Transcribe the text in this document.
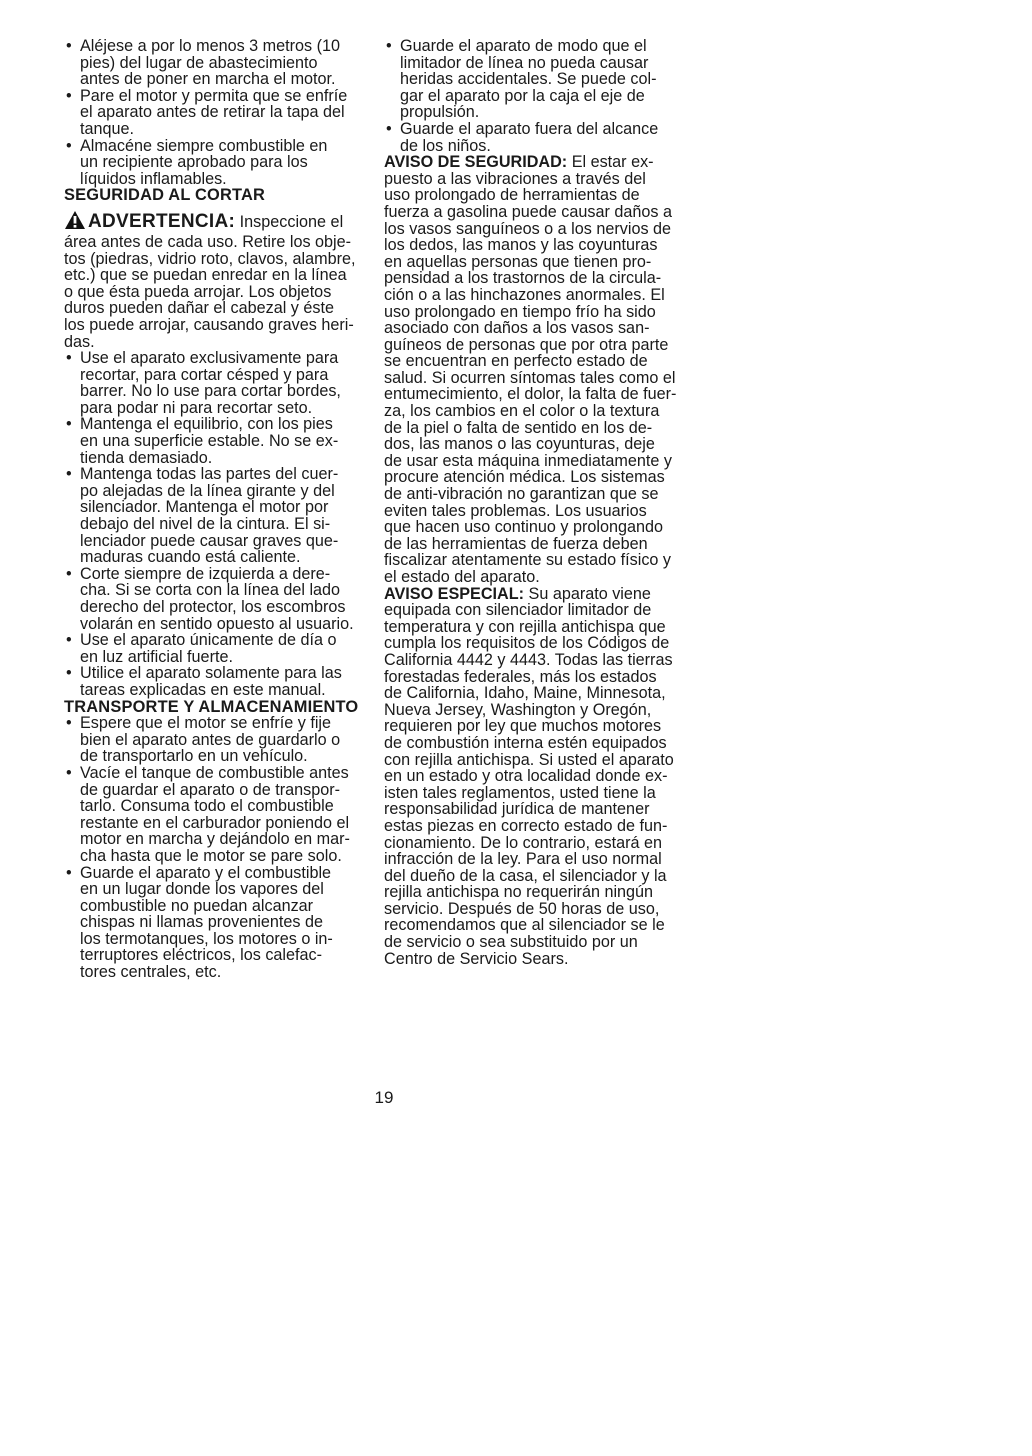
• Aléjese a por lo menos 3 metros (10
pies) del lugar de abastecimiento
antes de poner en marcha el motor.
• Pare el motor y permita que se enfríe
el aparato antes de retirar la tapa del
tanque.
• Almacéne siempre combustible en
un recipiente aprobado para los
líquidos inflamables.
SEGURIDAD AL CORTAR
ADVERTENCIA: Inspeccione el
área antes de cada uso. Retire los obje-
tos (piedras, vidrio roto, clavos, alambre,
etc.) que se puedan enredar en la línea
o que ésta pueda arrojar. Los objetos
duros pueden dañar el cabezal y éste
los puede arrojar, causando graves heri-
das.
• Use el aparato exclusivamente para
recortar, para cortar césped y para
barrer. No lo use para cortar bordes,
para podar ni para recortar seto.
• Mantenga el equilibrio, con los pies
en una superficie estable. No se ex-
tienda demasiado.
• Mantenga todas las partes del cuer-
po alejadas de la línea girante y del
silenciador. Mantenga el motor por
debajo del nivel de la cintura. El si-
lenciador puede causar graves que-
maduras cuando está caliente.
• Corte siempre de izquierda a dere-
cha. Si se corta con la línea del lado
derecho del protector, los escombros
volarán en sentido opuesto al usuario.
• Use el aparato únicamente de día o
en luz artificial fuerte.
• Utilice el aparato solamente para las
tareas explicadas en este manual.
TRANSPORTE Y ALMACENAMIENTO
• Espere que el motor se enfríe y fije
bien el aparato antes de guardarlo o
de transportarlo en un vehículo.
• Vacíe el tanque de combustible antes
de guardar el aparato o de transpor-
tarlo. Consuma todo el combustible
restante en el carburador poniendo el
motor en marcha y dejándolo en mar-
cha hasta que le motor se pare solo.
• Guarde el aparato y el combustible
en un lugar donde los vapores del
combustible no puedan alcanzar
chispas ni llamas provenientes de
los termotanques, los motores o in-
terruptores eléctricos, los calefac-
tores centrales, etc.
• Guarde el aparato de modo que el
limitador de línea no pueda causar
heridas accidentales. Se puede col-
gar el aparato por la caja el eje de
propulsión.
• Guarde el aparato fuera del alcance
de los niños.
AVISO DE SEGURIDAD: El estar ex-
puesto a las vibraciones a través del
uso prolongado de herramientas de
fuerza a gasolina puede causar daños a
los vasos sanguíneos o a los nervios de
los dedos, las manos y las coyunturas
en aquellas personas que tienen pro-
pensidad a los trastornos de la circula-
ción o a las hinchazones anormales. El
uso prolongado en tiempo frío ha sido
asociado con daños a los vasos san-
guíneos de personas que por otra parte
se encuentran en perfecto estado de
salud. Si ocurren síntomas tales como el
entumecimiento, el dolor, la falta de fuer-
za, los cambios en el color o la textura
de la piel o falta de sentido en los de-
dos, las manos o las coyunturas, deje
de usar esta máquina inmediatamente y
procure atención médica. Los sistemas
de anti-vibración no garantizan que se
eviten tales problemas. Los usuarios
que hacen uso continuo y prolongando
de las herramientas de fuerza deben
fiscalizar atentamente su estado físico y
el estado del aparato.
AVISO ESPECIAL: Su aparato viene
equipada con silenciador limitador de
temperatura y con rejilla antichispa que
cumpla los requisitos de los Códigos de
California 4442 y 4443. Todas las tierras
forestadas federales, más los estados
de California, Idaho, Maine, Minnesota,
Nueva Jersey, Washington y Oregón,
requieren por ley que muchos motores
de combustión interna estén equipados
con rejilla antichispa. Si usted el aparato
en un estado y otra localidad donde ex-
isten tales reglamentos, usted tiene la
responsabilidad jurídica de mantener
estas piezas en correcto estado de fun-
cionamiento. De lo contrario, estará en
infracción de la ley. Para el uso normal
del dueño de la casa, el silenciador y la
rejilla antichispa no requerirán ningún
servicio. Después de 50 horas de uso,
recomendamos que al silenciador se le
de servicio o sea substituido por un
Centro de Servicio Sears.
19
